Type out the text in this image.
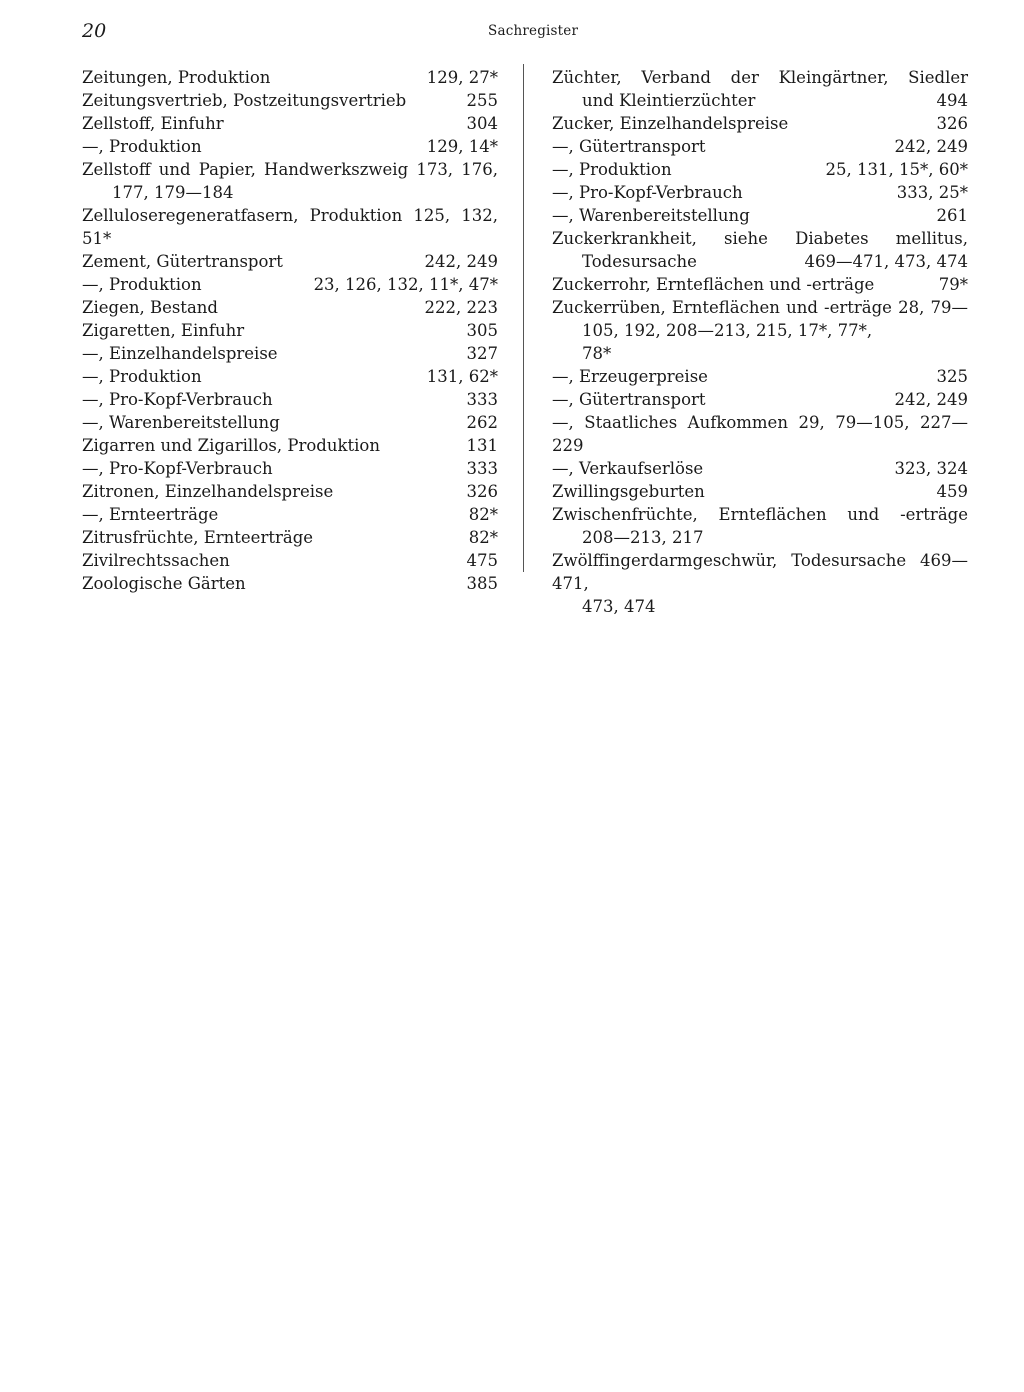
20	Sachregister
Zeitungen, Produktion	129, 27*
Zeitungsvertrieb, Postzeitungsvertrieb	255
Zellstoff, Einfuhr	304
—, Produktion	129, 14*
Zellstoff und Papier, Handwerkszweig 173, 176,
177, 179—184
Zelluloseregeneratfasern, Produktion 125, 132, 51*
Zement, Gütertransport	242, 249
—, Produktion	23, 126, 132, 11*, 47*
Ziegen, Bestand	222, 223
Zigaretten, Einfuhr	305
—, Einzelhandelspreise	327
—, Produktion	131, 62*
—, Pro-Kopf-Verbrauch	333
—, Warenbereitstellung	262
Zigarren und Zigarillos, Produktion	131
—, Pro-Kopf-Verbrauch	333
Zitronen, Einzelhandelspreise	326
—, Ernteerträge	82*
Zitrusfrüchte, Ernteerträge	82*
Zivilrechtssachen	475
Zoologische Gärten	385
Züchter, Verband der Kleingärtner, Siedler
und Kleintierzüchter	494
Zucker, Einzelhandelspreise	326
—, Gütertransport	242, 249
—, Produktion	25, 131, 15*, 60*
—, Pro-Kopf-Verbrauch	333, 25*
—, Warenbereitstellung	261
Zuckerkrankheit, siehe Diabetes mellitus,
Todesursache	469—471, 473, 474
Zuckerrohr, Ernteflächen und -erträge	79*
Zuckerrüben, Ernteflächen und -erträge 28, 79—
105, 192, 208—213, 215, 17*, 77*, 78*
—, Erzeugerpreise	325
—, Gütertransport	242, 249
—, Staatliches Aufkommen 29, 79—105, 227—229
—, Verkaufserlöse	323, 324
Zwillingsgeburten	459
Zwischenfrüchte, Ernteflächen und -erträge
208—213, 217
Zwölffingerdarmgeschwür, Todesursache 469—471,
473, 474
